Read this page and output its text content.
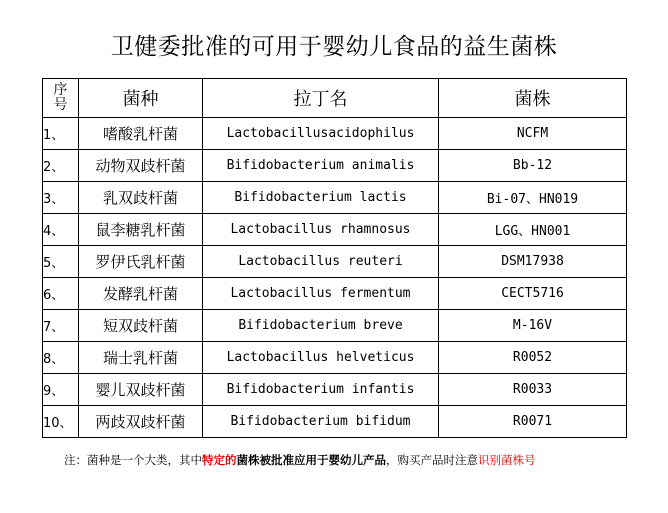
卫健委批准的可用于婴幼儿食品的益生菌株
序号	菌种	拉丁名	菌株
1、	嗜酸乳杆菌	Lactobacillusacidophilus	NCFM
2、	动物双歧杆菌	Bifidobacterium animalis	Bb-12
3、	乳双歧杆菌	Bifidobacterium lactis	Bi-07、HN019
4、	鼠李糖乳杆菌	Lactobacillus rhamnosus	LGG、HN001
5、	罗伊氏乳杆菌	Lactobacillus reuteri	DSM17938
6、	发酵乳杆菌	Lactobacillus fermentum	CECT5716
7、	短双歧杆菌	Bifidobacterium breve	M-16V
8、	瑞士乳杆菌	Lactobacillus helveticus	R0052
9、	婴儿双歧杆菌	Bifidobacterium infantis	R0033
10、	两歧双歧杆菌	Bifidobacterium bifidum	R0071
注：菌种是一个大类，其中特定的菌株被批准应用于婴幼儿产品，购买产品时注意识别菌株号
